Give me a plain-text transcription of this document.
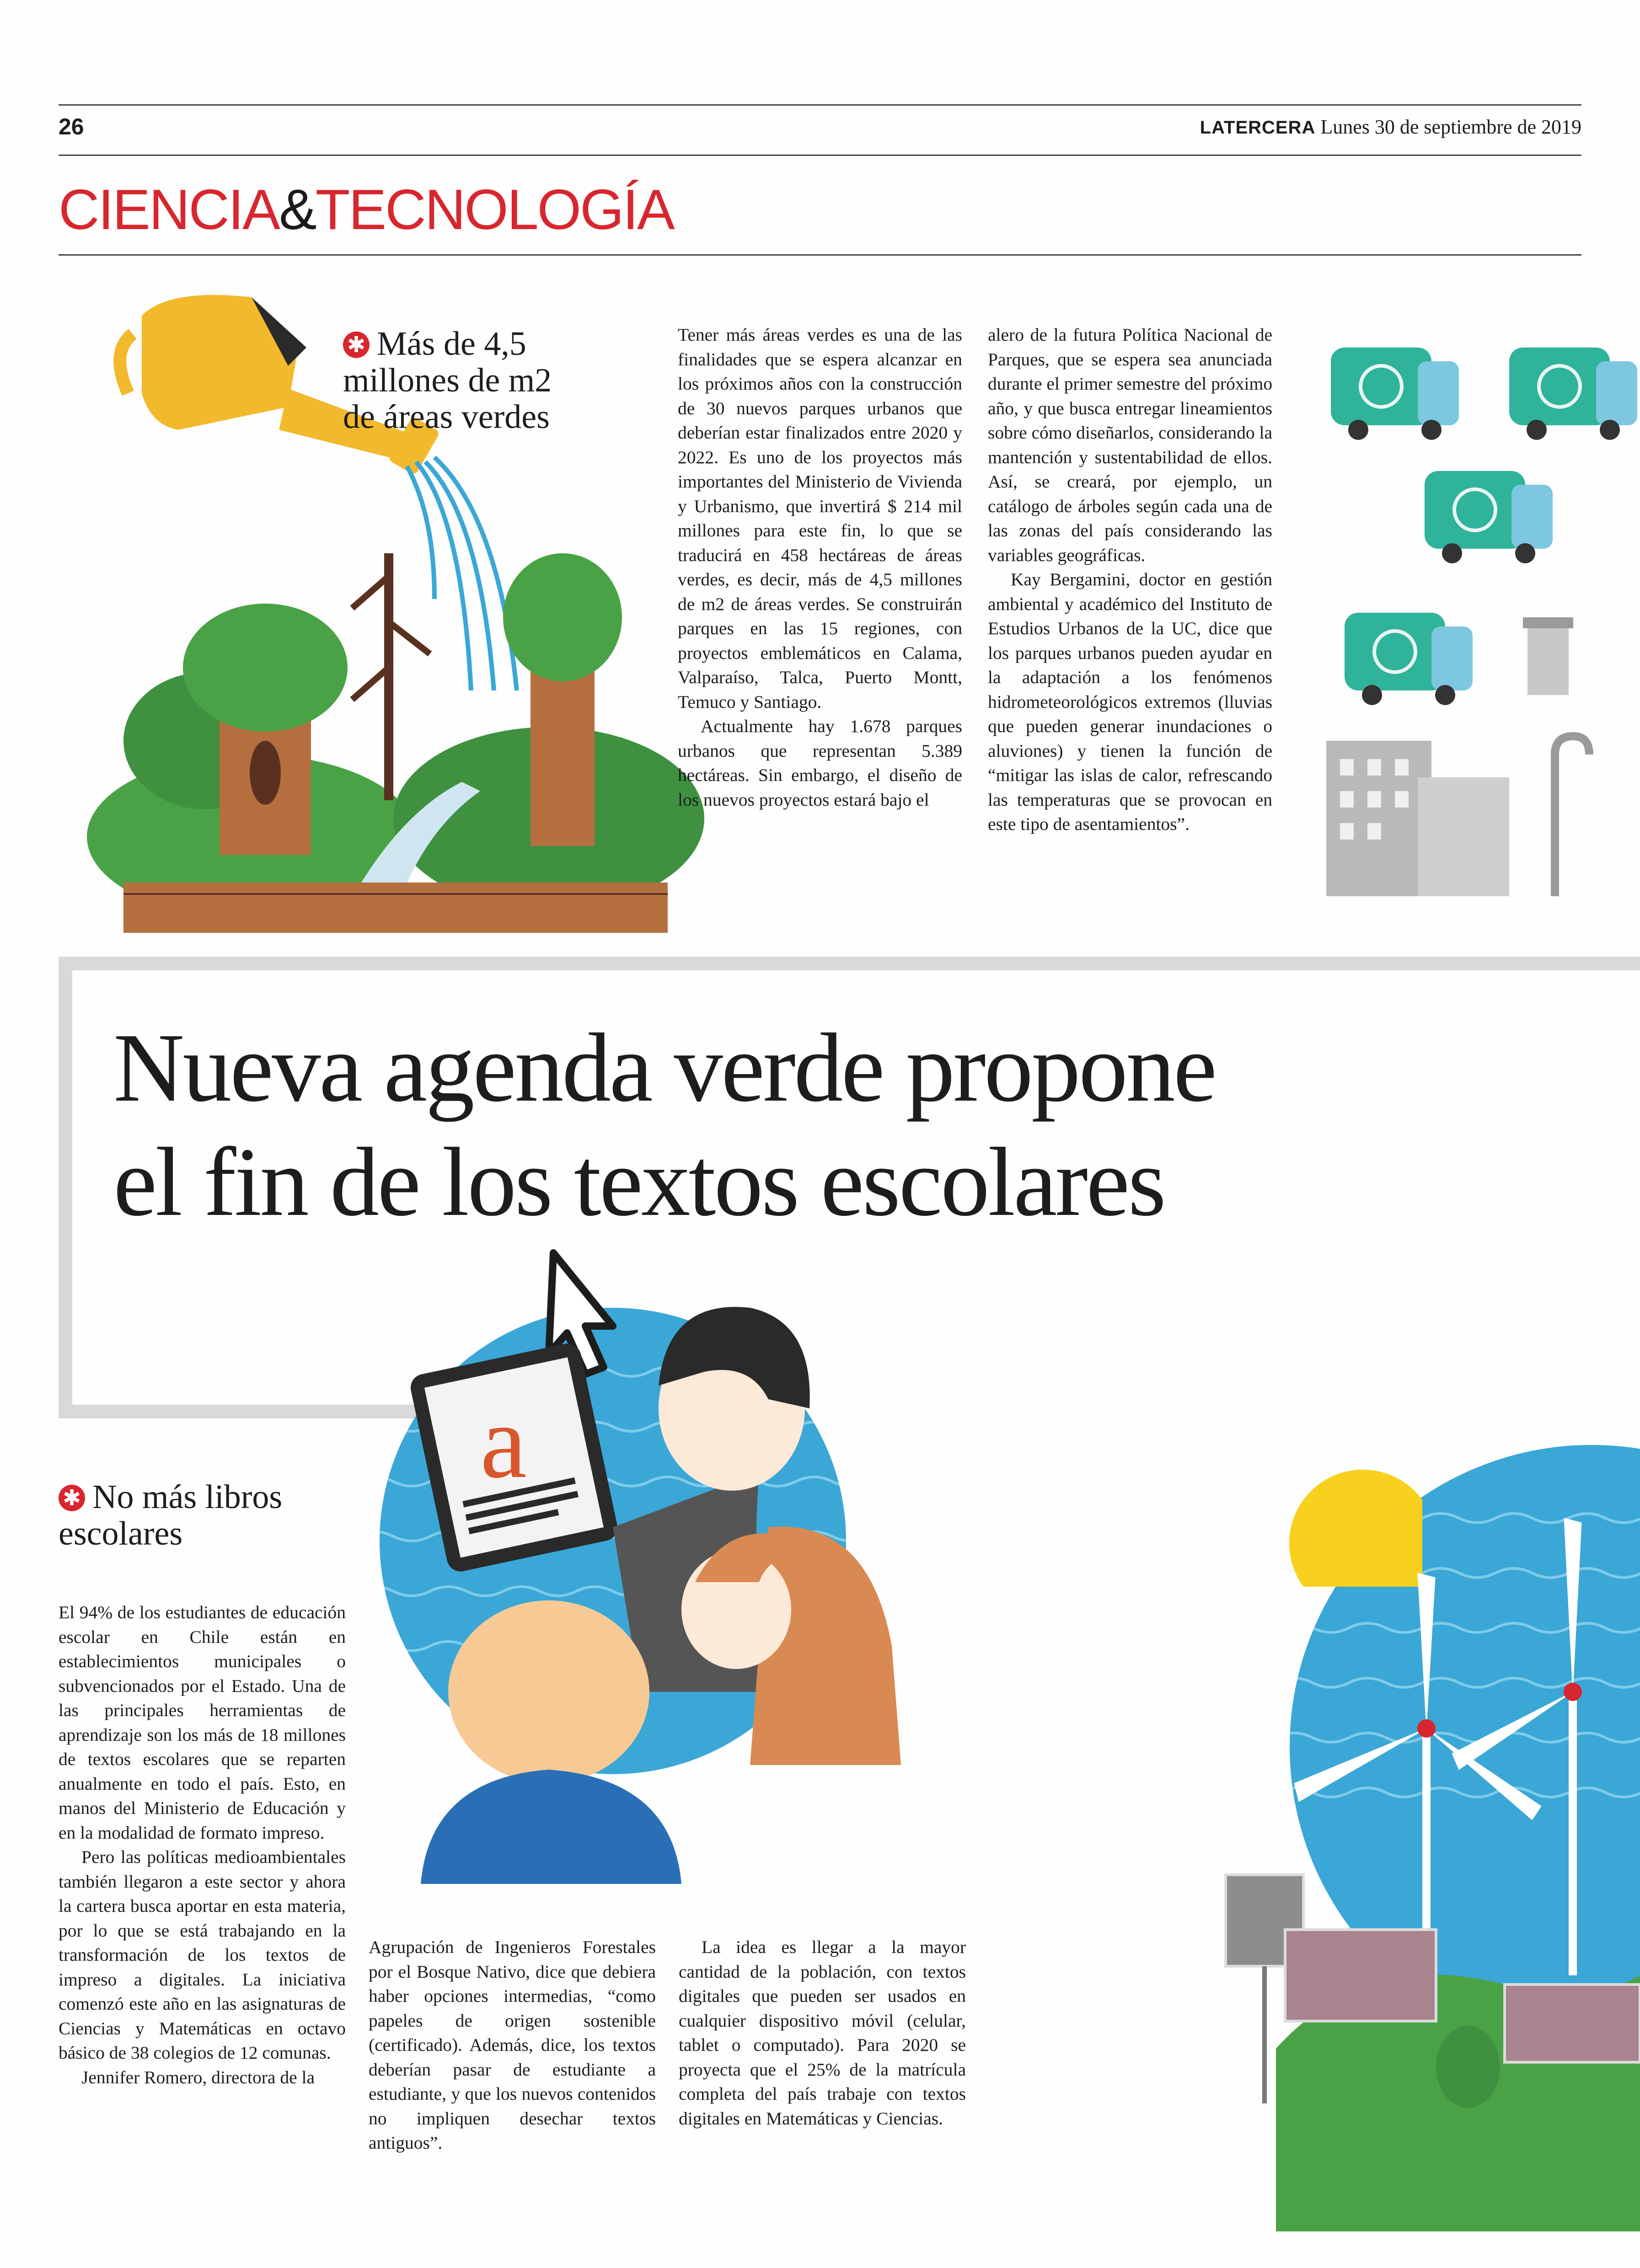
26	LATERCERA Lunes 30 de septiembre de 2019
CIENCIA&TECNOLOGÍA
✱ Más de 4,5
millones de m2
de áreas verdes

Tener más áreas verdes es una de las finalidades que se espera alcanzar en los próximos años con la construcción de 30 nuevos parques urbanos que deberían estar finalizados entre 2020 y 2022. Es uno de los proyectos más importantes del Ministerio de Vivienda y Urbanismo, que invertirá $ 214 mil millones para este fin, lo que se traducirá en 458 hectáreas de áreas verdes, es decir, más de 4,5 millones de m2 de áreas verdes. Se construirán parques en las 15 regiones, con proyectos emblemáticos en Calama, Valparaíso, Talca, Puerto Montt, Temuco y Santiago.

Actualmente hay 1.678 parques urbanos que representan 5.389 hectáreas. Sin embargo, el diseño de los nuevos proyectos estará bajo el

alero de la futura Política Nacional de Parques, que se espera sea anunciada durante el primer semestre del próximo año, y que busca entregar lineamientos sobre cómo diseñarlos, considerando la mantención y sustentabilidad de ellos. Así, se creará, por ejemplo, un catálogo de árboles según cada una de las zonas del país considerando las variables geográficas.

Kay Bergamini, doctor en gestión ambiental y académico del Instituto de Estudios Urbanos de la UC, dice que los parques urbanos pueden ayudar en la adaptación a los fenómenos hidrometeorológicos extremos (lluvias que pueden generar inundaciones o aluviones) y tienen la función de “mitigar las islas de calor, refrescando las temperaturas que se provocan en este tipo de asentamientos”.

Nueva agenda verde propone
el fin de los textos escolares
a
✱ No más libros
escolares

El 94% de los estudiantes de educación escolar en Chile están en establecimientos municipales o subvencionados por el Estado. Una de las principales herramientas de aprendizaje son los más de 18 millones de textos escolares que se reparten anualmente en todo el país. Esto, en manos del Ministerio de Educación y en la modalidad de formato impreso.

Pero las políticas medioambientales también llegaron a este sector y ahora la cartera busca aportar en esta materia, por lo que se está trabajando en la transformación de los textos de impreso a digitales. La iniciativa comenzó este año en las asignaturas de Ciencias y Matemáticas en octavo básico de 38 colegios de 12 comunas.

Jennifer Romero, directora de la

Agrupación de Ingenieros Forestales por el Bosque Nativo, dice que debiera haber opciones intermedias, “como papeles de origen sostenible (certificado). Además, dice, los textos deberían pasar de estudiante a estudiante, y que los nuevos contenidos no impliquen desechar textos antiguos”.

La idea es llegar a la mayor cantidad de la población, con textos digitales que pueden ser usados en cualquier dispositivo móvil (celular, tablet o computado). Para 2020 se proyecta que el 25% de la matrícula completa del país trabaje con textos digitales en Matemáticas y Ciencias.
